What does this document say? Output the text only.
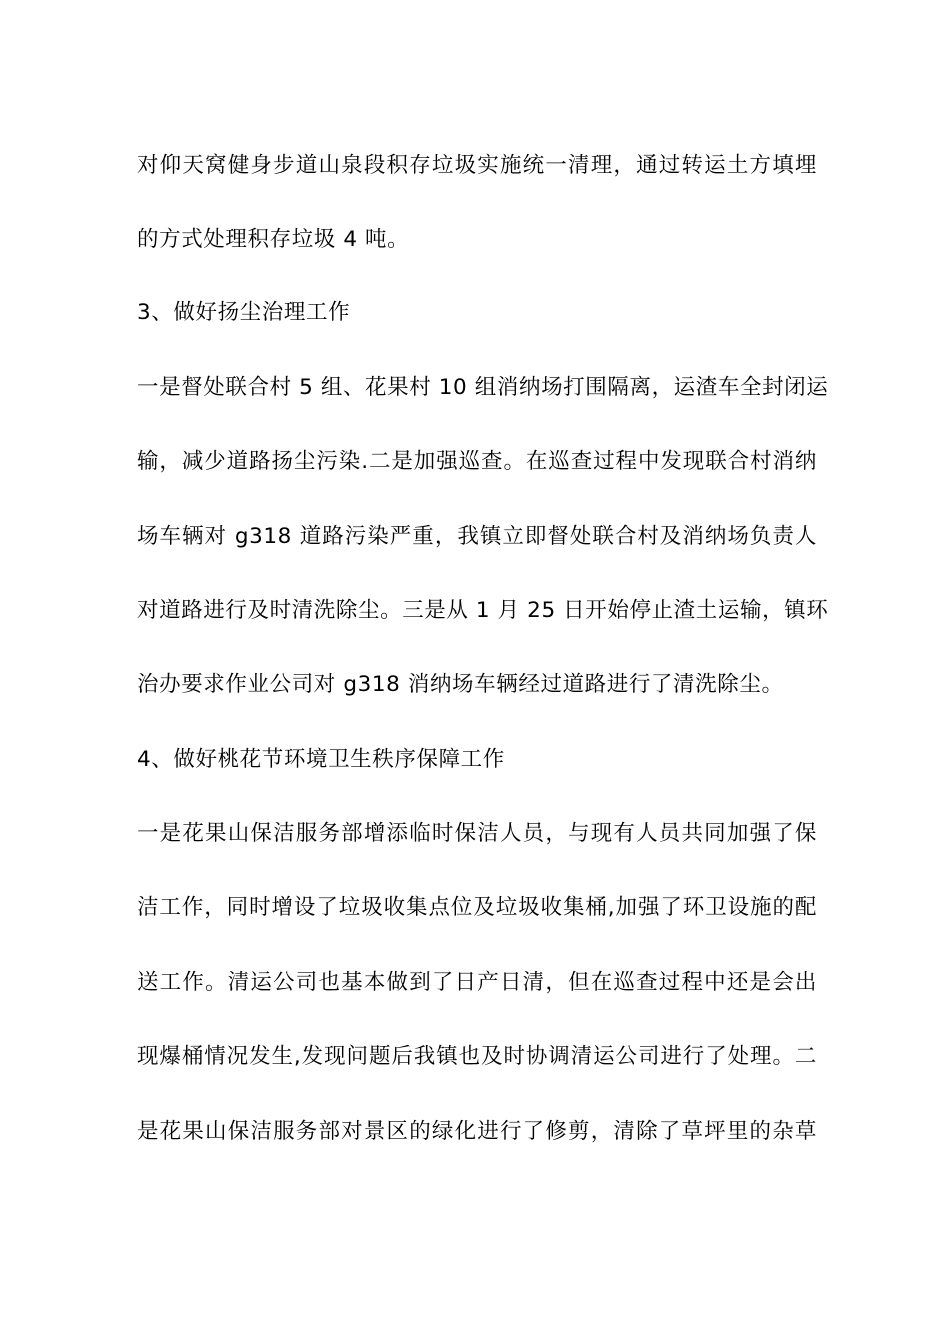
对仰天窝健身步道山泉段积存垃圾实施统一清理，通过转运土方填埋
的方式处理积存垃圾 4 吨。
3、做好扬尘治理工作
一是督处联合村 5 组、花果村 10 组消纳场打围隔离，运渣车全封闭运
输，减少道路扬尘污染.二是加强巡查。在巡查过程中发现联合村消纳
场车辆对 g318 道路污染严重，我镇立即督处联合村及消纳场负责人
对道路进行及时清洗除尘。三是从 1 月 25 日开始停止渣土运输，镇环
治办要求作业公司对 g318 消纳场车辆经过道路进行了清洗除尘。
4、做好桃花节环境卫生秩序保障工作
一是花果山保洁服务部增添临时保洁人员，与现有人员共同加强了保
洁工作，同时增设了垃圾收集点位及垃圾收集桶,加强了环卫设施的配
送工作。清运公司也基本做到了日产日清，但在巡查过程中还是会出
现爆桶情况发生,发现问题后我镇也及时协调清运公司进行了处理。二
是花果山保洁服务部对景区的绿化进行了修剪，清除了草坪里的杂草
